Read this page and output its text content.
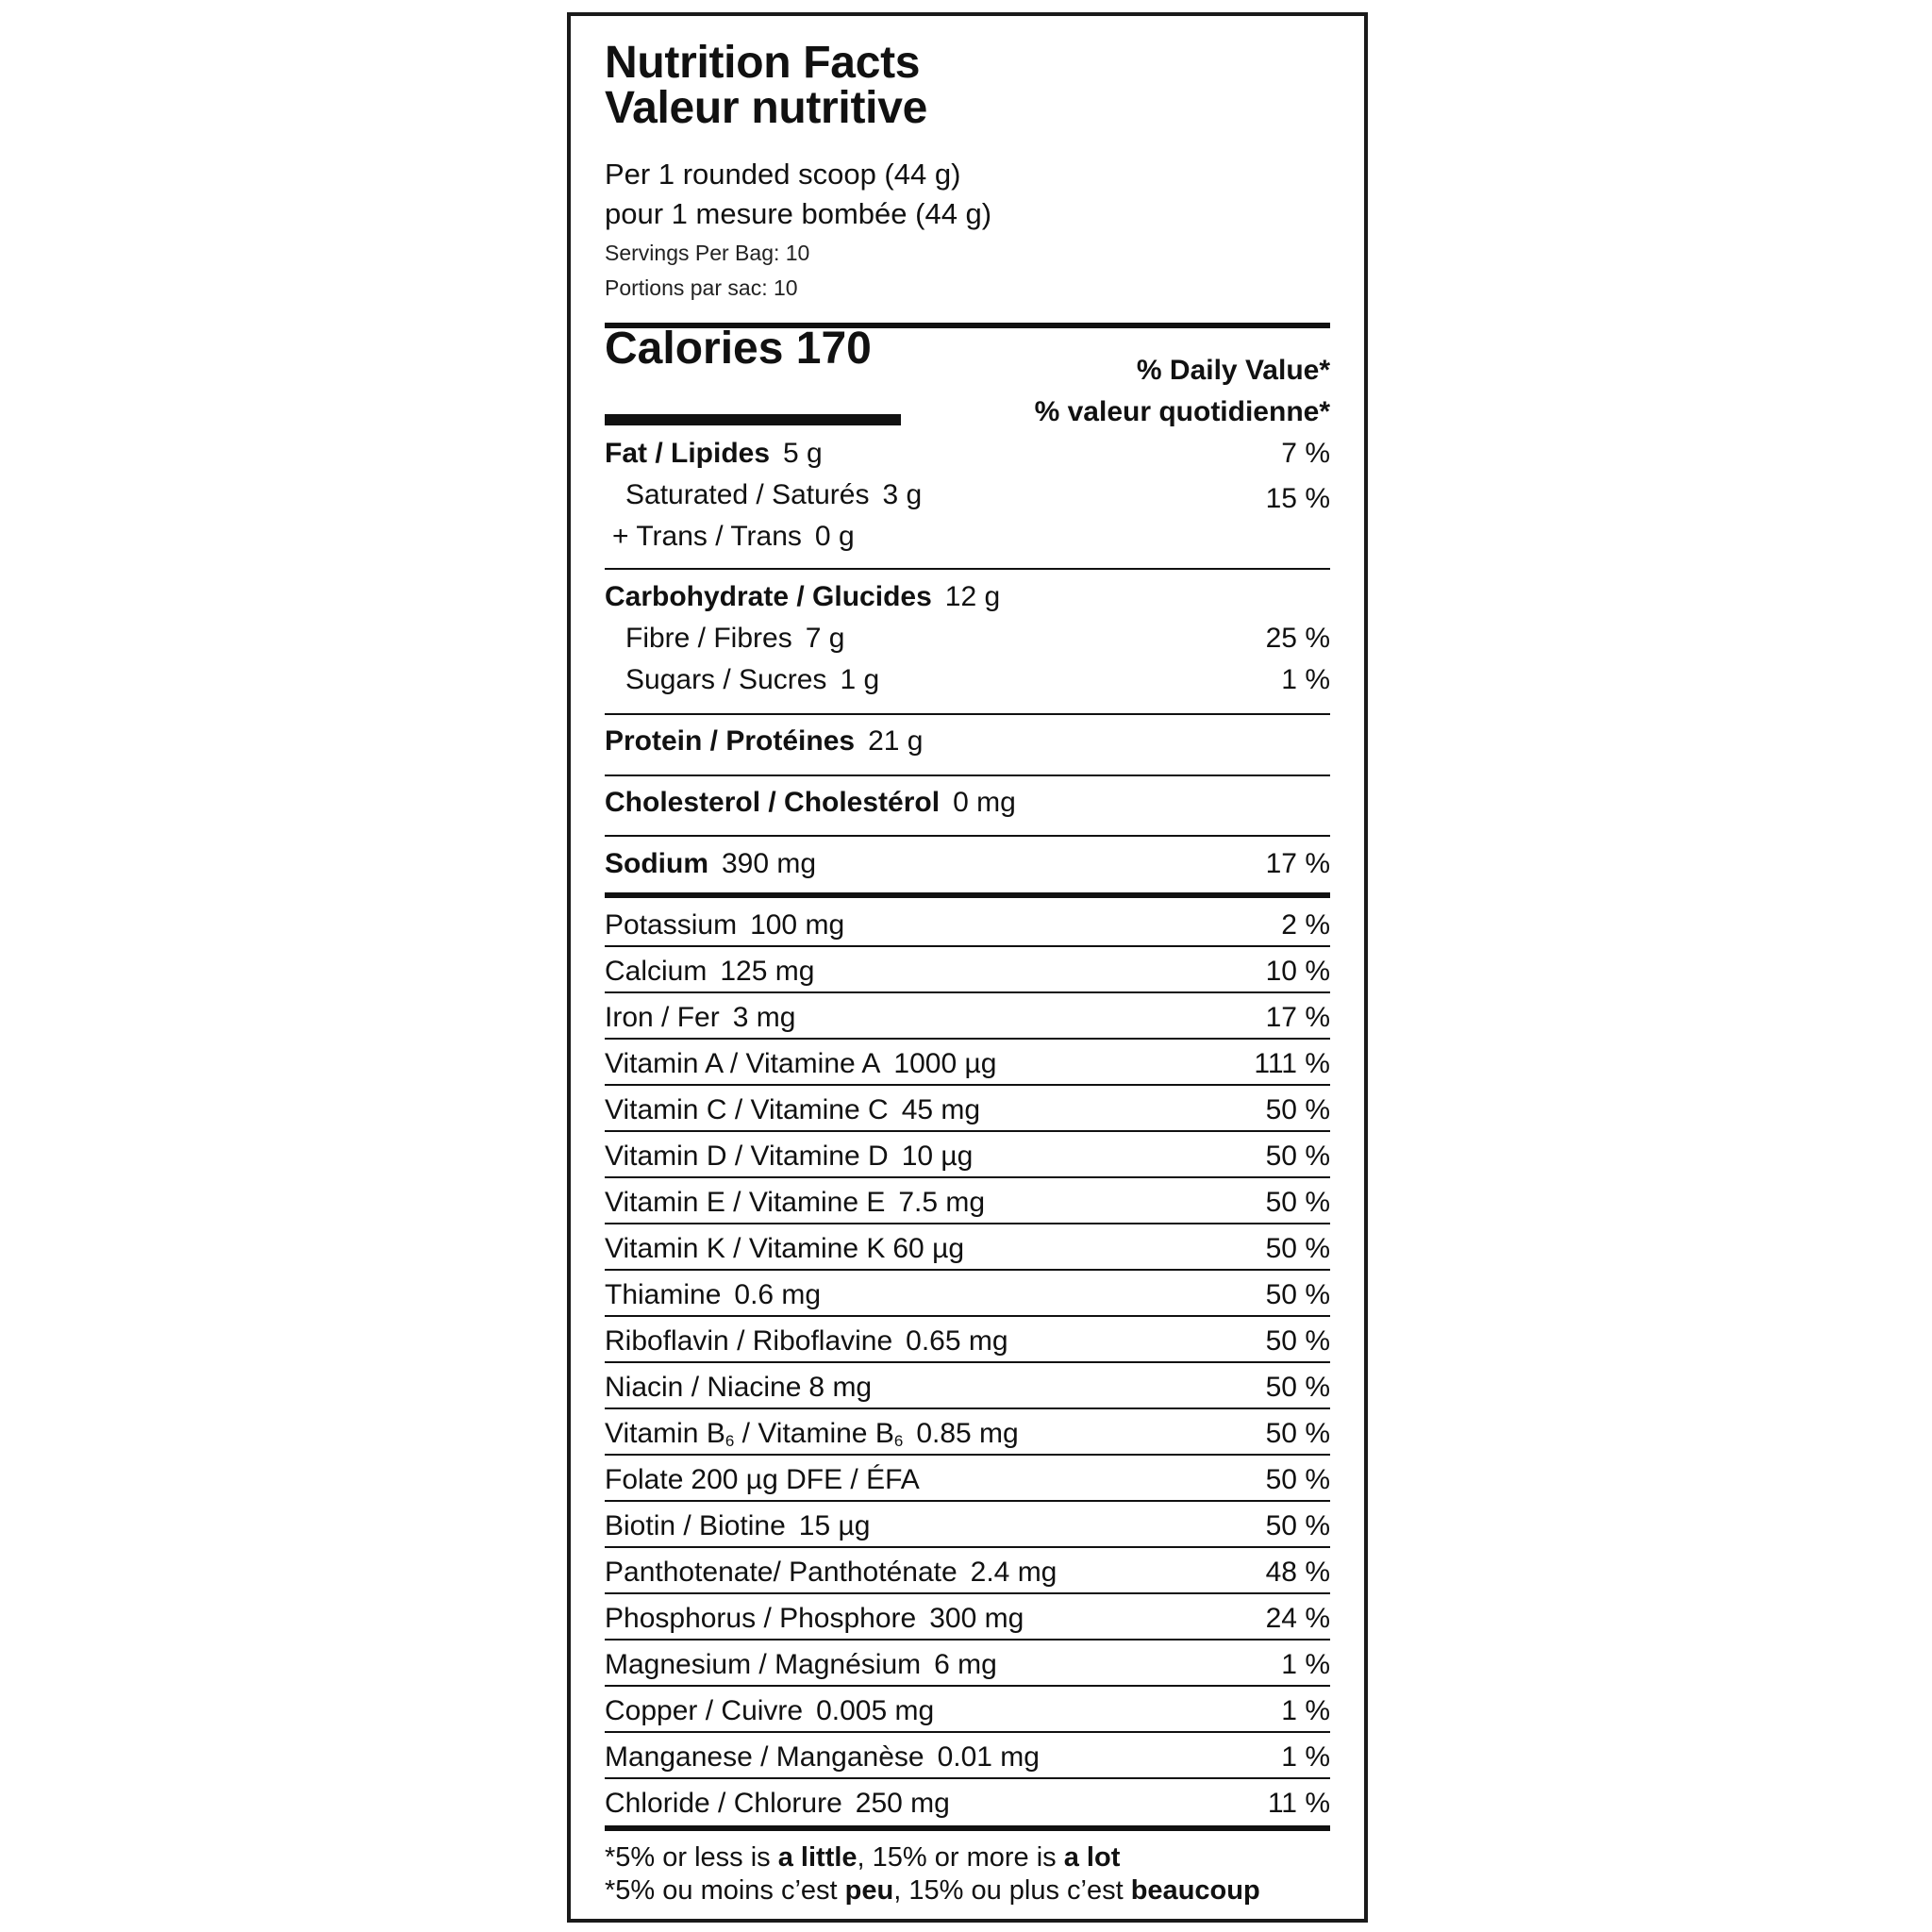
Nutrition Facts
Valeur nutritive
Per 1 rounded scoop (44 g)
pour 1 mesure bombée (44 g)
Servings Per Bag: 10
Portions par sac: 10
Calories 170	% Daily Value*
% valeur quotidienne*
Fat / Lipides 5 g	7 %
Saturated / Saturés 3 g	15 %
+ Trans / Trans 0 g
Carbohydrate / Glucides 12 g
Fibre / Fibres 7 g	25 %
Sugars / Sucres 1 g	1 %
Protein / Protéines 21 g
Cholesterol / Cholestérol 0 mg
Sodium 390 mg	17 %
Potassium 100 mg	2 %
Calcium 125 mg	10 %
Iron / Fer 3 mg	17 %
Vitamin A / Vitamine A 1000 µg	111 %
Vitamin C / Vitamine C 45 mg	50 %
Vitamin D / Vitamine D 10 µg	50 %
Vitamin E / Vitamine E 7.5 mg	50 %
Vitamin K / Vitamine K 60 µg	50 %
Thiamine 0.6 mg	50 %
Riboflavin / Riboflavine 0.65 mg	50 %
Niacin / Niacine 8 mg	50 %
Vitamin $B_6$ / Vitamine $B_6$ 0.85 mg	50 %
Folate 200 µg DFE / ÉFA	50 %
Biotin / Biotine 15 µg	50 %
Panthotenate/ Panthoténate 2.4 mg	48 %
Phosphorus / Phosphore 300 mg	24 %
Magnesium / Magnésium 6 mg	1 %
Copper / Cuivre 0.005 mg	1 %
Manganese / Manganèse 0.01 mg	1 %
Chloride / Chlorure 250 mg	11 %
*5% or less is a little, 15% or more is a lot
*5% ou moins c’est peu, 15% ou plus c’est beaucoup
